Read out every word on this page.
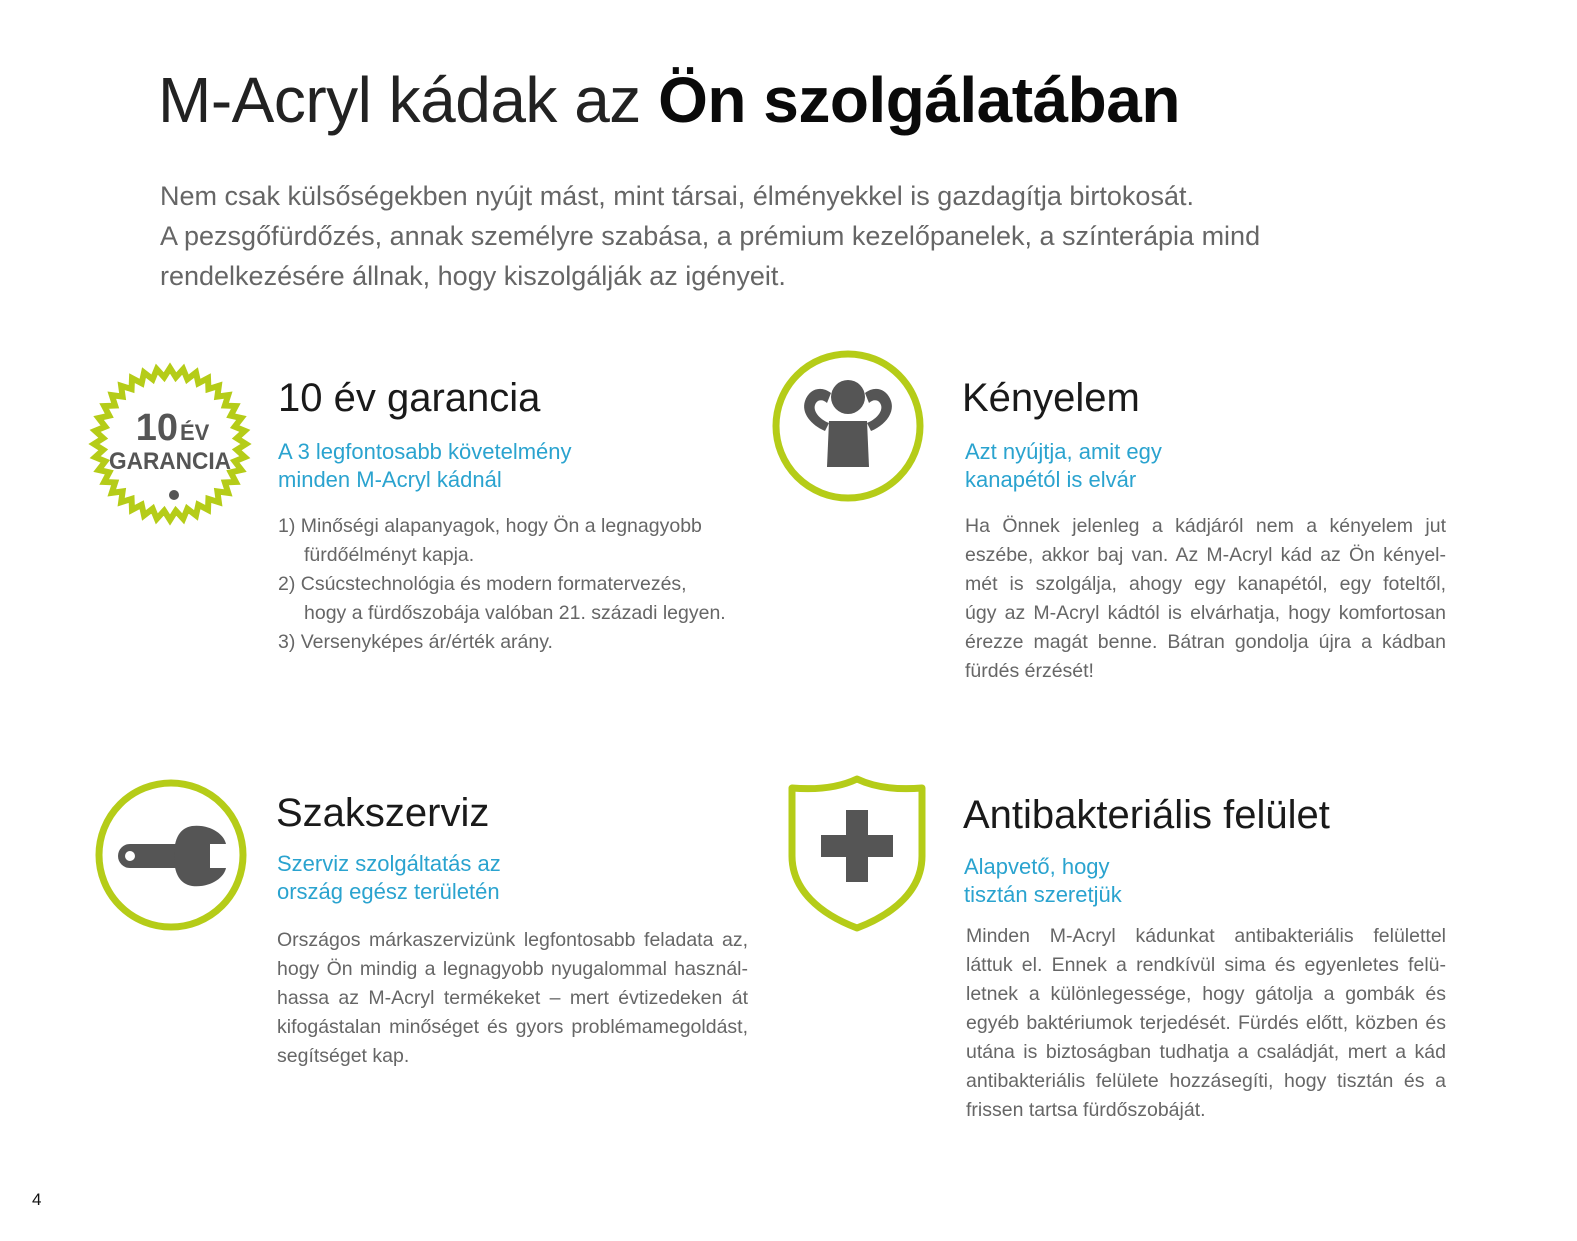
M-Acryl kádak az Ön szolgálatában
Nem csak külsőségekben nyújt mást, mint társai, élményekkel is gazdagítja birtokosát.
A pezsgőfürdőzés, annak személyre szabása, a prémium kezelőpanelek, a színterápia mind
rendelkezésére állnak, hogy kiszolgálják az igényeit.
10 ÉV
GARANCIA
10 év garancia
A 3 legfontosabb követelmény
minden M-Acryl kádnál
1) Minőségi alapanyagok, hogy Ön a legnagyobb
fürdőélményt kapja.
2) Csúcstechnológia és modern formatervezés,
hogy a fürdőszobája valóban 21. századi legyen.
3) Versenyképes ár/érték arány.
Kényelem
Azt nyújtja, amit egy
kanapétól is elvár
Ha Önnek jelenleg a kádjáról nem a kényelem jut
eszébe, akkor baj van. Az M-Acryl kád az Ön kényel-
mét is szolgálja, ahogy egy kanapétól, egy foteltől,
úgy az M-Acryl kádtól is elvárhatja, hogy komfortosan
érezze magát benne. Bátran gondolja újra a kádban
fürdés érzését!
Szakszerviz
Szerviz szolgáltatás az
ország egész területén
Országos márkaszervizünk legfontosabb feladata az,
hogy Ön mindig a legnagyobb nyugalommal használ-
hassa az M-Acryl termékeket – mert évtizedeken át
kifogástalan minőséget és gyors problémamegoldást,
segítséget kap.
Antibakteriális felület
Alapvető, hogy
tisztán szeretjük
Minden M-Acryl kádunkat antibakteriális felülettel
láttuk el. Ennek a rendkívül sima és egyenletes felü-
letnek a különlegessége, hogy gátolja a gombák és
egyéb baktériumok terjedését. Fürdés előtt, közben és
utána is biztoságban tudhatja a családját, mert a kád
antibakteriális felülete hozzásegíti, hogy tisztán és a
frissen tartsa fürdőszobáját.
4
